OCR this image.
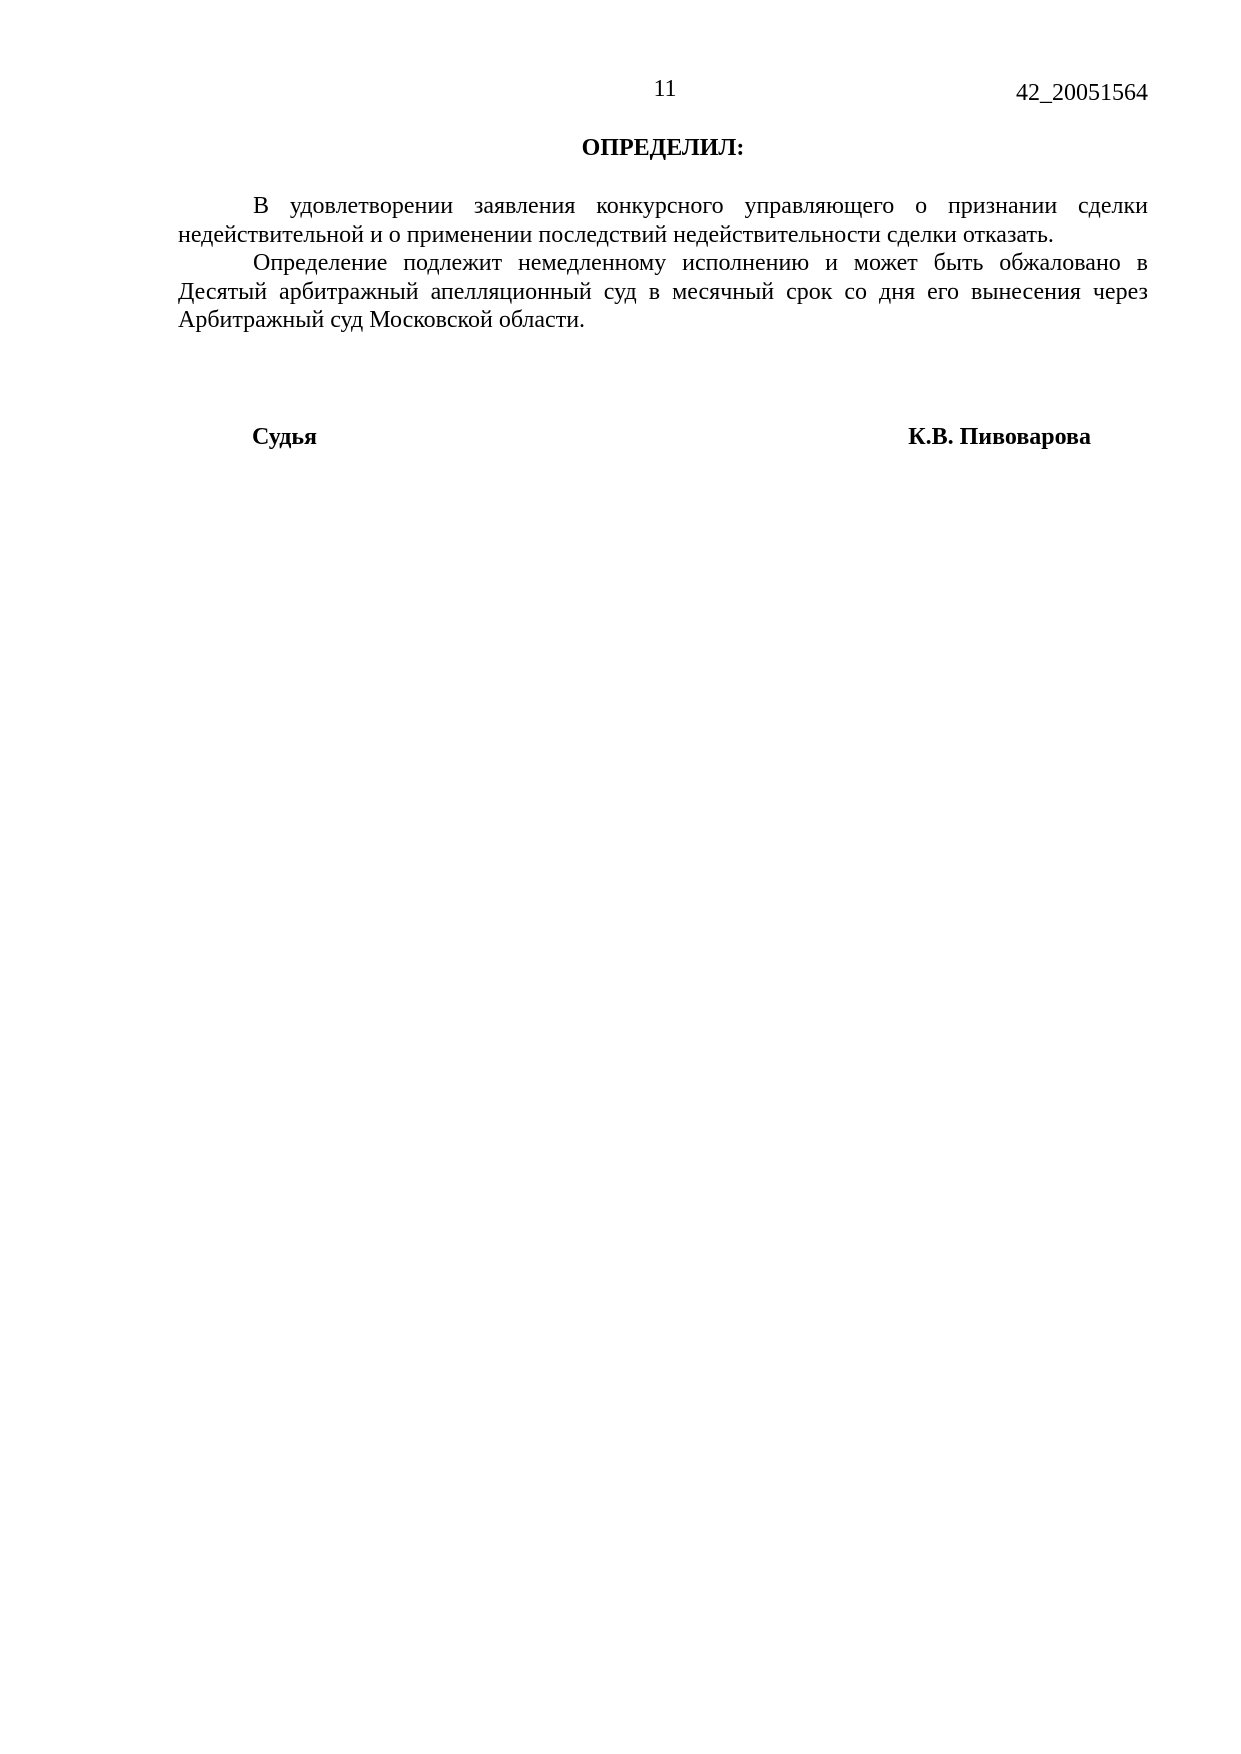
11	42_20051564
ОПРЕДЕЛИЛ:

В удовлетворении заявления конкурсного управляющего о признании сделки недействительной и о применении последствий недействительности сделки отказать.

Определение подлежит немедленному исполнению и может быть обжаловано в Десятый арбитражный апелляционный суд в месячный срок со дня его вынесения через Арбитражный суд Московской области.

Судья	К.В. Пивоварова
